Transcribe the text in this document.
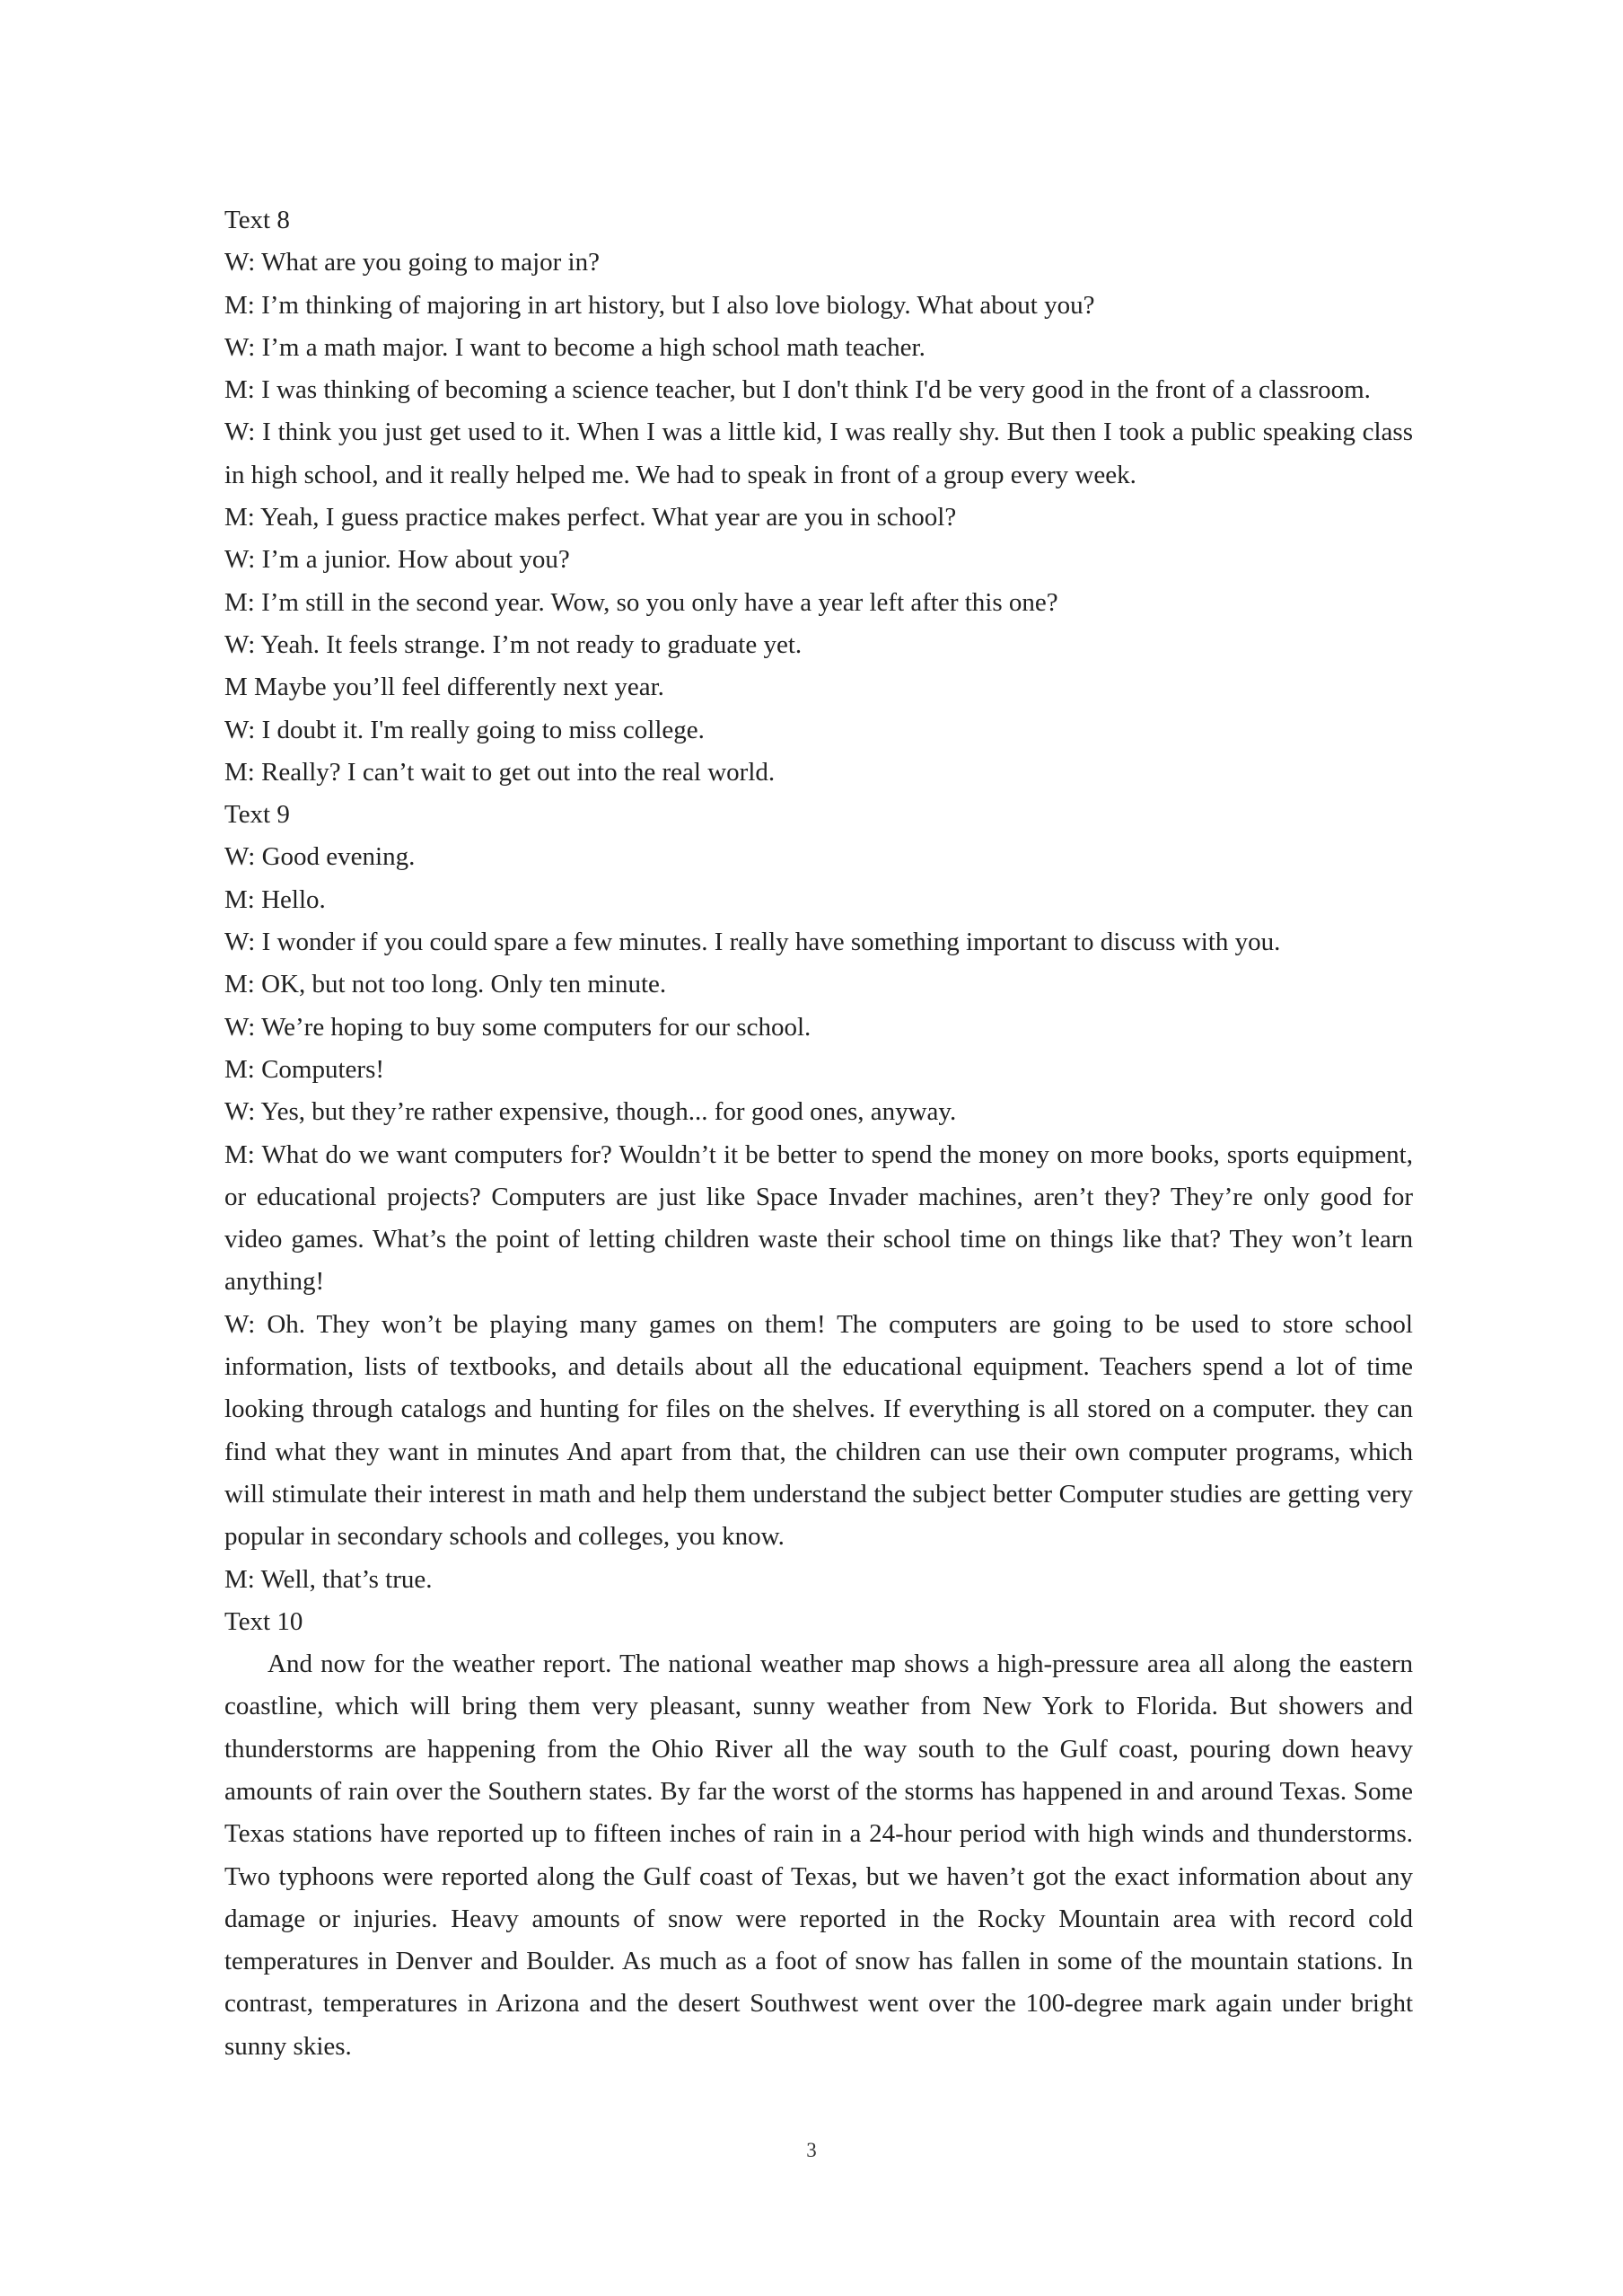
Text 8
W: What are you going to major in?
M: I’m thinking of majoring in art history, but I also love biology. What about you?
W: I’m a math major. I want to become a high school math teacher.
M: I was thinking of becoming a science teacher, but I don't think I'd be very good in the front of a classroom.
W: I think you just get used to it. When I was a little kid, I was really shy. But then I took a public speaking class in high school, and it really helped me. We had to speak in front of a group every week.
M: Yeah, I guess practice makes perfect. What year are you in school?
W: I’m a junior. How about you?
M: I’m still in the second year. Wow, so you only have a year left after this one?
W: Yeah. It feels strange. I’m not ready to graduate yet.
M Maybe you’ll feel differently next year.
W: I doubt it. I'm really going to miss college.
M: Really? I can’t wait to get out into the real world.
Text 9
W: Good evening.
M: Hello.
W: I wonder if you could spare a few minutes. I really have something important to discuss with you.
M: OK, but not too long. Only ten minute.
W: We’re hoping to buy some computers for our school.
M: Computers!
W: Yes, but they’re rather expensive, though... for good ones, anyway.
M: What do we want computers for? Wouldn’t it be better to spend the money on more books, sports equipment, or educational projects? Computers are just like Space Invader machines, aren’t they? They’re only good for video games. What’s the point of letting children waste their school time on things like that? They won’t learn anything!
W: Oh. They won’t be playing many games on them! The computers are going to be used to store school information, lists of textbooks, and details about all the educational equipment. Teachers spend a lot of time looking through catalogs and hunting for files on the shelves. If everything is all stored on a computer. they can find what they want in minutes And apart from that, the children can use their own computer programs, which will stimulate their interest in math and help them understand the subject better Computer studies are getting very popular in secondary schools and colleges, you know.
M: Well, that’s true.
Text 10
And now for the weather report. The national weather map shows a high-pressure area all along the eastern coastline, which will bring them very pleasant, sunny weather from New York to Florida. But showers and thunderstorms are happening from the Ohio River all the way south to the Gulf coast, pouring down heavy amounts of rain over the Southern states. By far the worst of the storms has happened in and around Texas. Some Texas stations have reported up to fifteen inches of rain in a 24-hour period with high winds and thunderstorms. Two typhoons were reported along the Gulf coast of Texas, but we haven’t got the exact information about any damage or injuries. Heavy amounts of snow were reported in the Rocky Mountain area with record cold temperatures in Denver and Boulder. As much as a foot of snow has fallen in some of the mountain stations. In contrast, temperatures in Arizona and the desert Southwest went over the 100-degree mark again under bright sunny skies.
3
